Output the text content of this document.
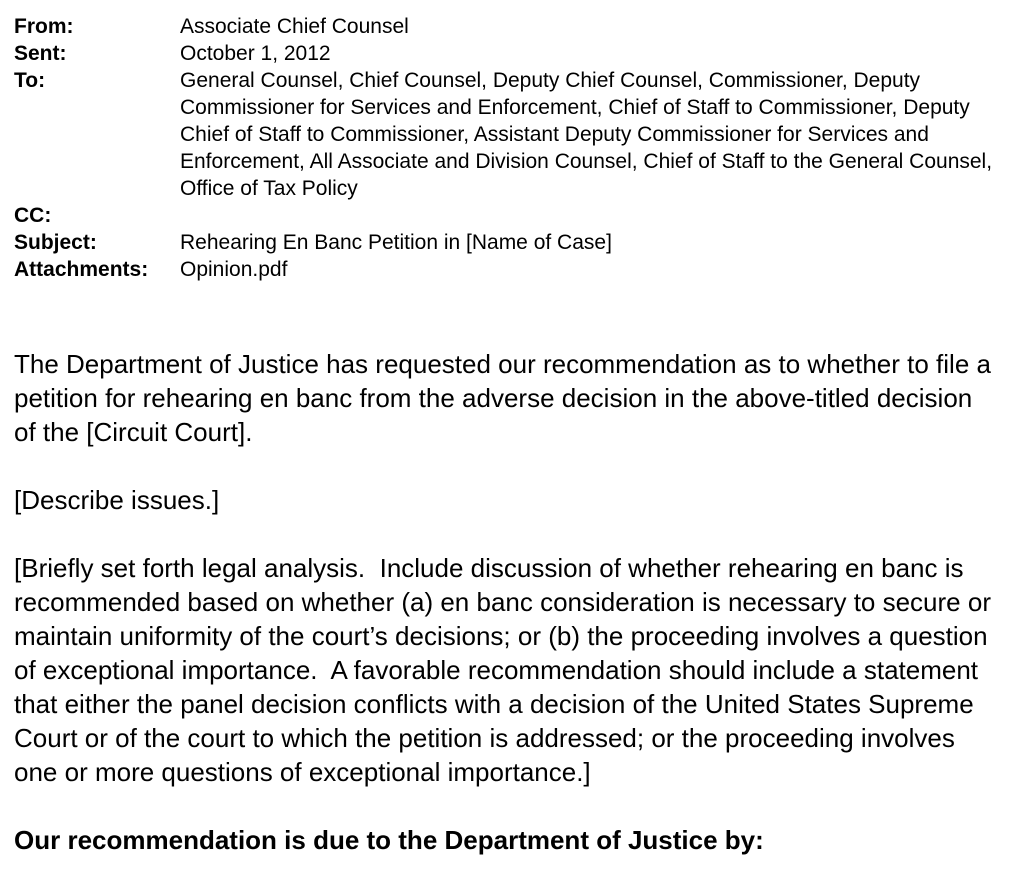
From:	Associate Chief Counsel
Sent:	October 1, 2012
To:	General Counsel, Chief Counsel, Deputy Chief Counsel, Commissioner, Deputy Commissioner for Services and Enforcement, Chief of Staff to Commissioner, Deputy Chief of Staff to Commissioner, Assistant Deputy Commissioner for Services and Enforcement, All Associate and Division Counsel, Chief of Staff to the General Counsel, Office of Tax Policy
CC:
Subject:	Rehearing En Banc Petition in [Name of Case]
Attachments:	Opinion.pdf

The Department of Justice has requested our recommendation as to whether to file a petition for rehearing en banc from the adverse decision in the above-titled decision of the [Circuit Court].

[Describe issues.]

[Briefly set forth legal analysis.  Include discussion of whether rehearing en banc is recommended based on whether (a) en banc consideration is necessary to secure or maintain uniformity of the court’s decisions; or (b) the proceeding involves a question of exceptional importance.  A favorable recommendation should include a statement that either the panel decision conflicts with a decision of the United States Supreme Court or of the court to which the petition is addressed; or the proceeding involves one or more questions of exceptional importance.]

Our recommendation is due to the Department of Justice by:
